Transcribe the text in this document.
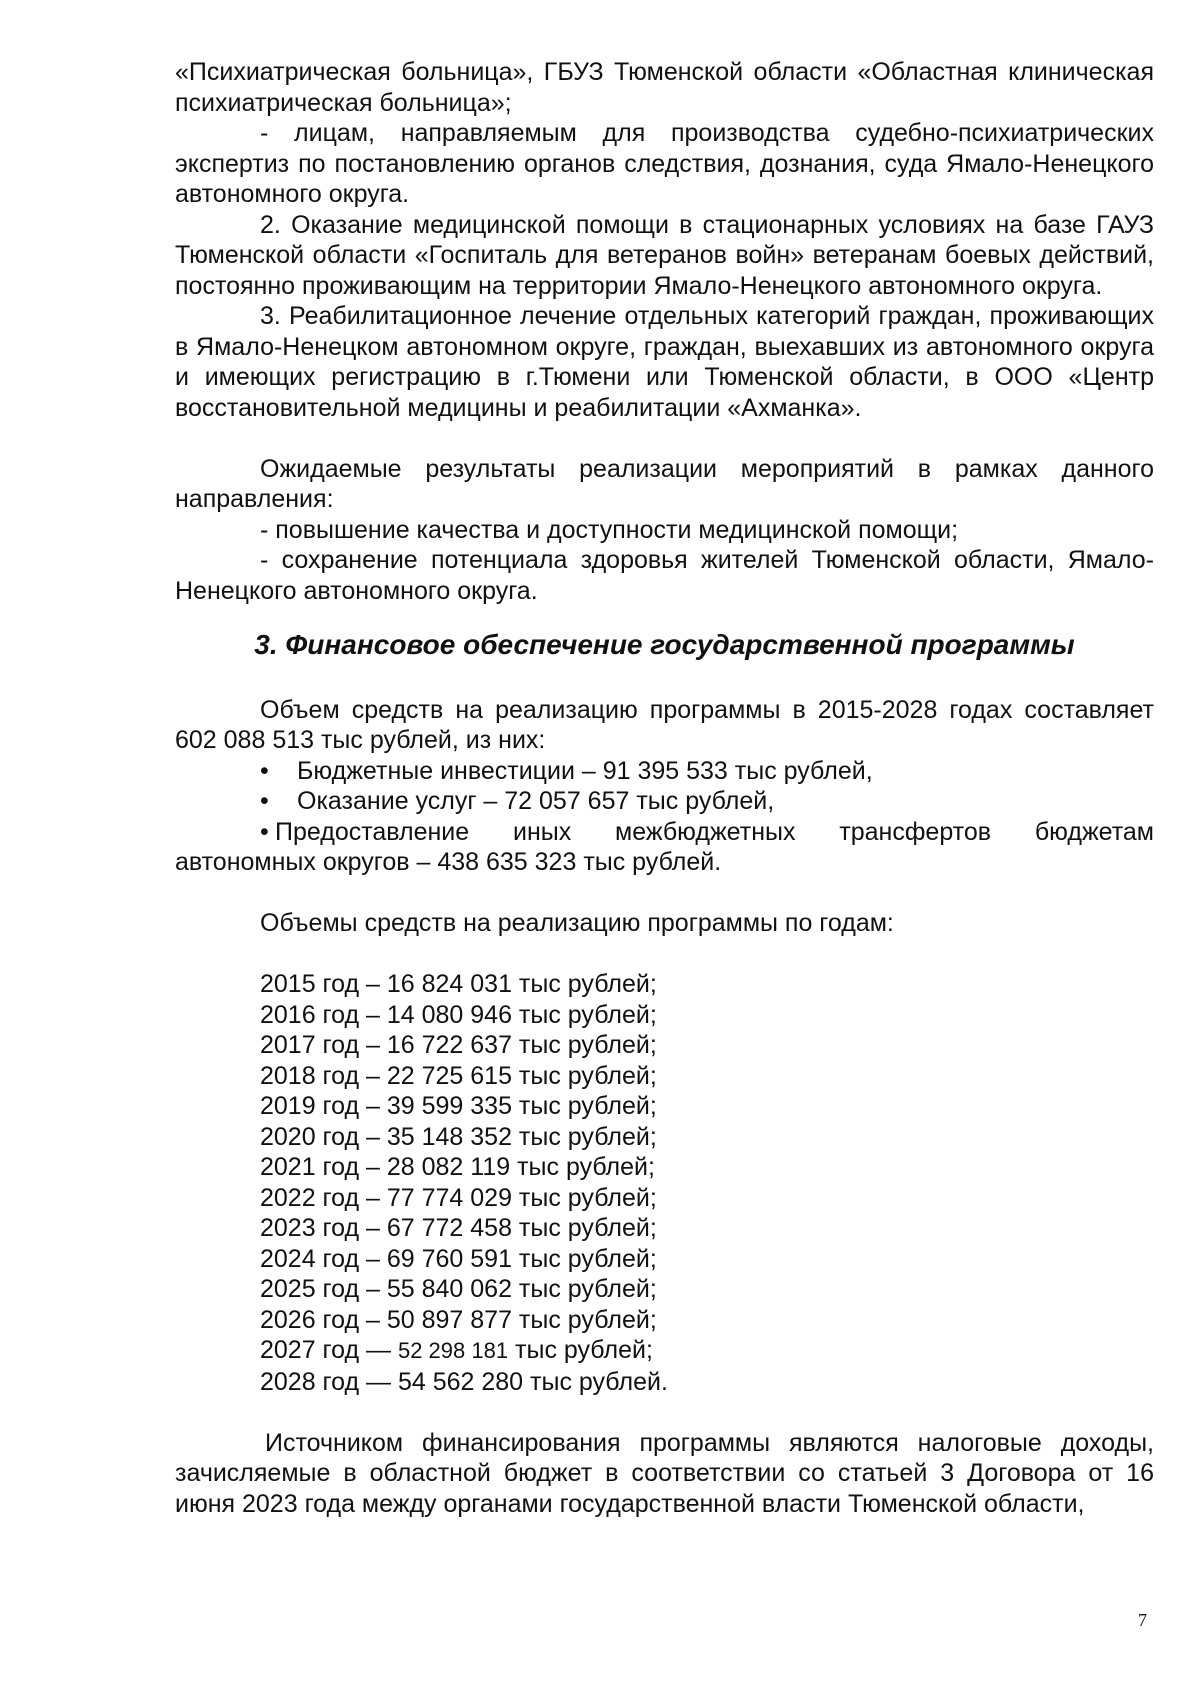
«Психиатрическая больница», ГБУЗ Тюменской области «Областная клиническая психиатрическая больница»;

- лицам, направляемым для производства судебно-психиатрических экспертиз по постановлению органов следствия, дознания, суда Ямало-Ненецкого автономного округа.

2. Оказание медицинской помощи в стационарных условиях на базе ГАУЗ Тюменской области «Госпиталь для ветеранов войн» ветеранам боевых действий, постоянно проживающим на территории Ямало-Ненецкого автономного округа.

3. Реабилитационное лечение отдельных категорий граждан, проживающих в Ямало-Ненецком автономном округе, граждан, выехавших из автономного округа и имеющих регистрацию в г.Тюмени или Тюменской области, в ООО «Центр восстановительной медицины и реабилитации «Ахманка».

Ожидаемые результаты реализации мероприятий в рамках данного направления:

- повышение качества и доступности медицинской помощи;

- сохранение потенциала здоровья жителей Тюменской области, Ямало-Ненецкого автономного округа.

3. Финансовое обеспечение государственной программы

Объем средств на реализацию программы в 2015-2028 годах составляет 602 088 513 тыс рублей, из них:

• Бюджетные инвестиции – 91 395 533 тыс рублей,
• Оказание услуг – 72 057 657 тыс рублей,

• Предоставление иных межбюджетных трансфертов бюджетам автономных округов – 438 635 323 тыс рублей.

Объемы средств на реализацию программы по годам:

2015 год – 16 824 031 тыс рублей;
2016 год – 14 080 946 тыс рублей;
2017 год – 16 722 637 тыс рублей;
2018 год – 22 725 615 тыс рублей;
2019 год – 39 599 335 тыс рублей;
2020 год – 35 148 352 тыс рублей;
2021 год – 28 082 119 тыс рублей;
2022 год – 77 774 029 тыс рублей;
2023 год – 67 772 458 тыс рублей;
2024 год – 69 760 591 тыс рублей;
2025 год – 55 840 062 тыс рублей;
2026 год – 50 897 877 тыс рублей;
2027 год — 52 298 181 тыс рублей;
2028 год — 54 562 280 тыс рублей.

Источником финансирования программы являются налоговые доходы, зачисляемые в областной бюджет в соответствии со статьей 3 Договора от 16 июня 2023 года между органами государственной власти Тюменской области,

7
